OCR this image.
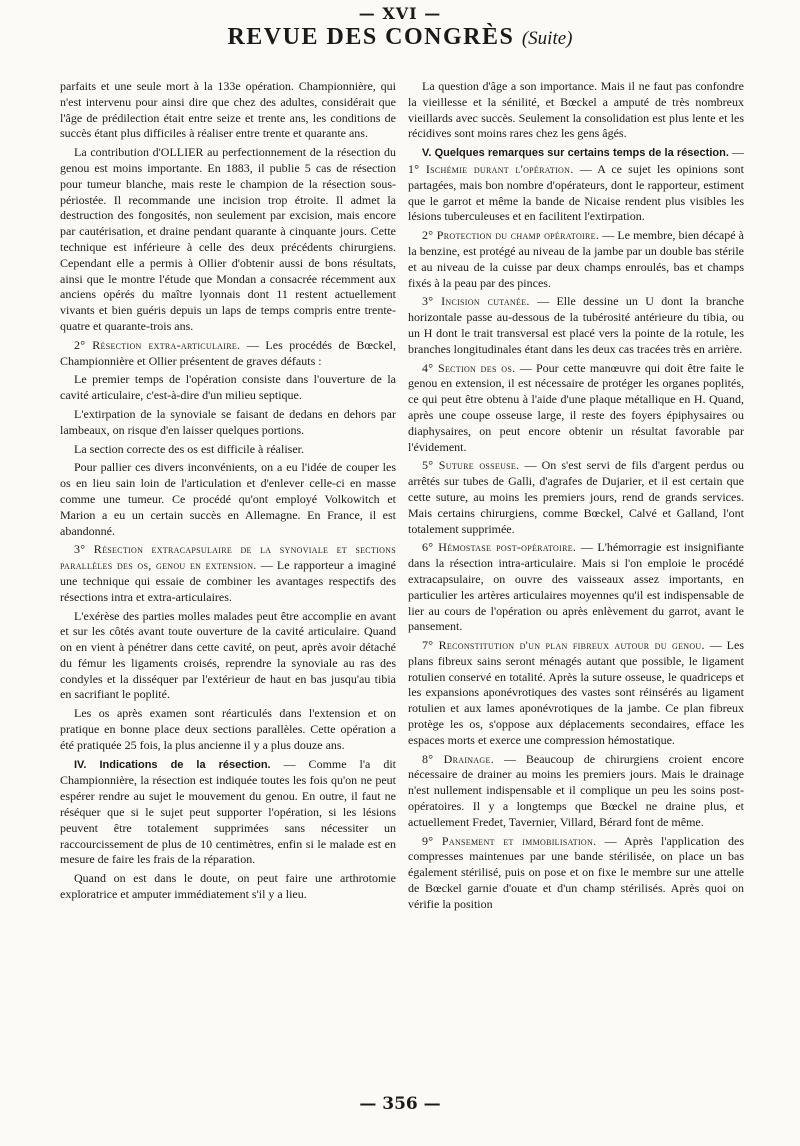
— XVI —
REVUE DES CONGRÈS (Suite)

parfaits et une seule mort à la 133e opération. Championnière, qui n'est intervenu pour ainsi dire que chez des adultes, considérait que l'âge de prédilection était entre seize et trente ans, les conditions de succès étant plus difficiles à réaliser entre trente et quarante ans.

La contribution d'OLLIER au perfectionnement de la résection du genou est moins importante. En 1883, il publie 5 cas de résection pour tumeur blanche, mais reste le champion de la résection sous-périostée. Il recommande une incision trop étroite. Il admet la destruction des fongosités, non seulement par excision, mais encore par cautérisation, et draine pendant quarante à cinquante jours. Cette technique est inférieure à celle des deux précédents chirurgiens. Cependant elle a permis à Ollier d'obtenir aussi de bons résultats, ainsi que le montre l'étude que Mondan a consacrée récemment aux anciens opérés du maître lyonnais dont 11 restent actuellement vivants et bien guéris depuis un laps de temps compris entre trente-quatre et quarante-trois ans.

2° Résection extra-articulaire. — Les procédés de Bœckel, Championnière et Ollier présentent de graves défauts :

Le premier temps de l'opération consiste dans l'ouverture de la cavité articulaire, c'est-à-dire d'un milieu septique.

L'extirpation de la synoviale se faisant de dedans en dehors par lambeaux, on risque d'en laisser quelques portions.

La section correcte des os est difficile à réaliser.

Pour pallier ces divers inconvénients, on a eu l'idée de couper les os en lieu sain loin de l'articulation et d'enlever celle-ci en masse comme une tumeur. Ce procédé qu'ont employé Volkowitch et Marion a eu un certain succès en Allemagne. En France, il est abandonné.

3° Résection extracapsulaire de la synoviale et sections parallèles des os, genou en extension. — Le rapporteur a imaginé une technique qui essaie de combiner les avantages respectifs des résections intra et extra-articulaires.

L'exérèse des parties molles malades peut être accomplie en avant et sur les côtés avant toute ouverture de la cavité articulaire. Quand on en vient à pénétrer dans cette cavité, on peut, après avoir détaché du fémur les ligaments croisés, reprendre la synoviale au ras des condyles et la disséquer par l'extérieur de haut en bas jusqu'au tibia en sacrifiant le poplité.

Les os après examen sont réarticulés dans l'extension et on pratique en bonne place deux sections parallèles. Cette opération a été pratiquée 25 fois, la plus ancienne il y a plus douze ans.

IV. Indications de la résection. — Comme l'a dit Championnière, la résection est indiquée toutes les fois qu'on ne peut espérer rendre au sujet le mouvement du genou. En outre, il faut ne réséquer que si le sujet peut supporter l'opération, si les lésions peuvent être totalement supprimées sans nécessiter un raccourcissement de plus de 10 centimètres, enfin si le malade est en mesure de faire les frais de la réparation.

Quand on est dans le doute, on peut faire une arthrotomie exploratrice et amputer immédiatement s'il y a lieu.

La question d'âge a son importance. Mais il ne faut pas confondre la vieillesse et la sénilité, et Bœckel a amputé de très nombreux vieillards avec succès. Seulement la consolidation est plus lente et les récidives sont moins rares chez les gens âgés.

V. Quelques remarques sur certains temps de la résection. — 1° Ischémie durant l'opération. — A ce sujet les opinions sont partagées, mais bon nombre d'opérateurs, dont le rapporteur, estiment que le garrot et même la bande de Nicaise rendent plus visibles les lésions tuberculeuses et en facilitent l'extirpation.

2° Protection du champ opératoire. — Le membre, bien décapé à la benzine, est protégé au niveau de la jambe par un double bas stérile et au niveau de la cuisse par deux champs enroulés, bas et champs fixés à la peau par des pinces.

3° Incision cutanée. — Elle dessine un U dont la branche horizontale passe au-dessous de la tubérosité antérieure du tibia, ou un H dont le trait transversal est placé vers la pointe de la rotule, les branches longitudinales étant dans les deux cas tracées très en arrière.

4° Section des os. — Pour cette manœuvre qui doit être faite le genou en extension, il est nécessaire de protéger les organes poplités, ce qui peut être obtenu à l'aide d'une plaque métallique en H. Quand, après une coupe osseuse large, il reste des foyers épiphysaires ou diaphysaires, on peut encore obtenir un résultat favorable par l'évidement.

5° Suture osseuse. — On s'est servi de fils d'argent perdus ou arrêtés sur tubes de Galli, d'agrafes de Dujarier, et il est certain que cette suture, au moins les premiers jours, rend de grands services. Mais certains chirurgiens, comme Bœckel, Calvé et Galland, l'ont totalement supprimée.

6° Hémostase post-opératoire. — L'hémorragie est insignifiante dans la résection intra-articulaire. Mais si l'on emploie le procédé extracapsulaire, on ouvre des vaisseaux assez importants, en particulier les artères articulaires moyennes qu'il est indispensable de lier au cours de l'opération ou après enlèvement du garrot, avant le pansement.

7° Reconstitution d'un plan fibreux autour du genou. — Les plans fibreux sains seront ménagés autant que possible, le ligament rotulien conservé en totalité. Après la suture osseuse, le quadriceps et les expansions aponévrotiques des vastes sont réinsérés au ligament rotulien et aux lames aponévrotiques de la jambe. Ce plan fibreux protège les os, s'oppose aux déplacements secondaires, efface les espaces morts et exerce une compression hémostatique.

8° Drainage. — Beaucoup de chirurgiens croient encore nécessaire de drainer au moins les premiers jours. Mais le drainage n'est nullement indispensable et il complique un peu les soins post-opératoires. Il y a longtemps que Bœckel ne draine plus, et actuellement Fredet, Tavernier, Villard, Bérard font de même.

9° Pansement et immobilisation. — Après l'application des compresses maintenues par une bande stérilisée, on place un bas également stérilisé, puis on pose et on fixe le membre sur une attelle de Bœckel garnie d'ouate et d'un champ stérilisés. Après quoi on vérifie la position

— 356 —
